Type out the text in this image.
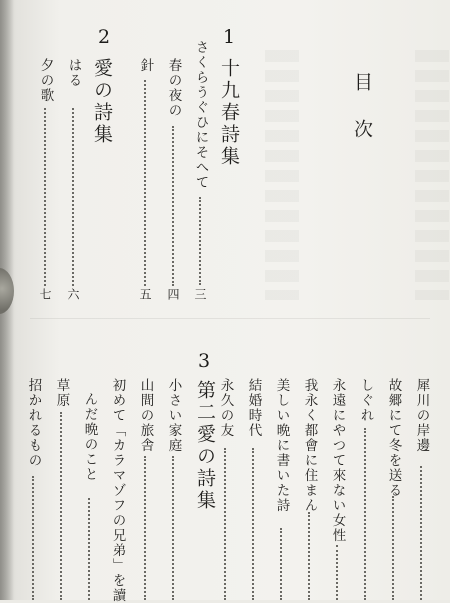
目次
1
十九春詩集
さくらうぐひにそへて
三
春の夜の
四
針
五
2
愛の詩集
はる
六
夕の歌
七
3
第二愛の詩集
小さい家庭
山間の旅舎
初めて「カラマゾフの兄弟」を讀
んだ晩のこと
草原
招かれるもの	犀川の岸邊
故郷にて冬を送る
しぐれ
永遠にやつて來ない女性
我永く都會に住まん
美しい晩に書いた詩
結婚時代
永久の友
